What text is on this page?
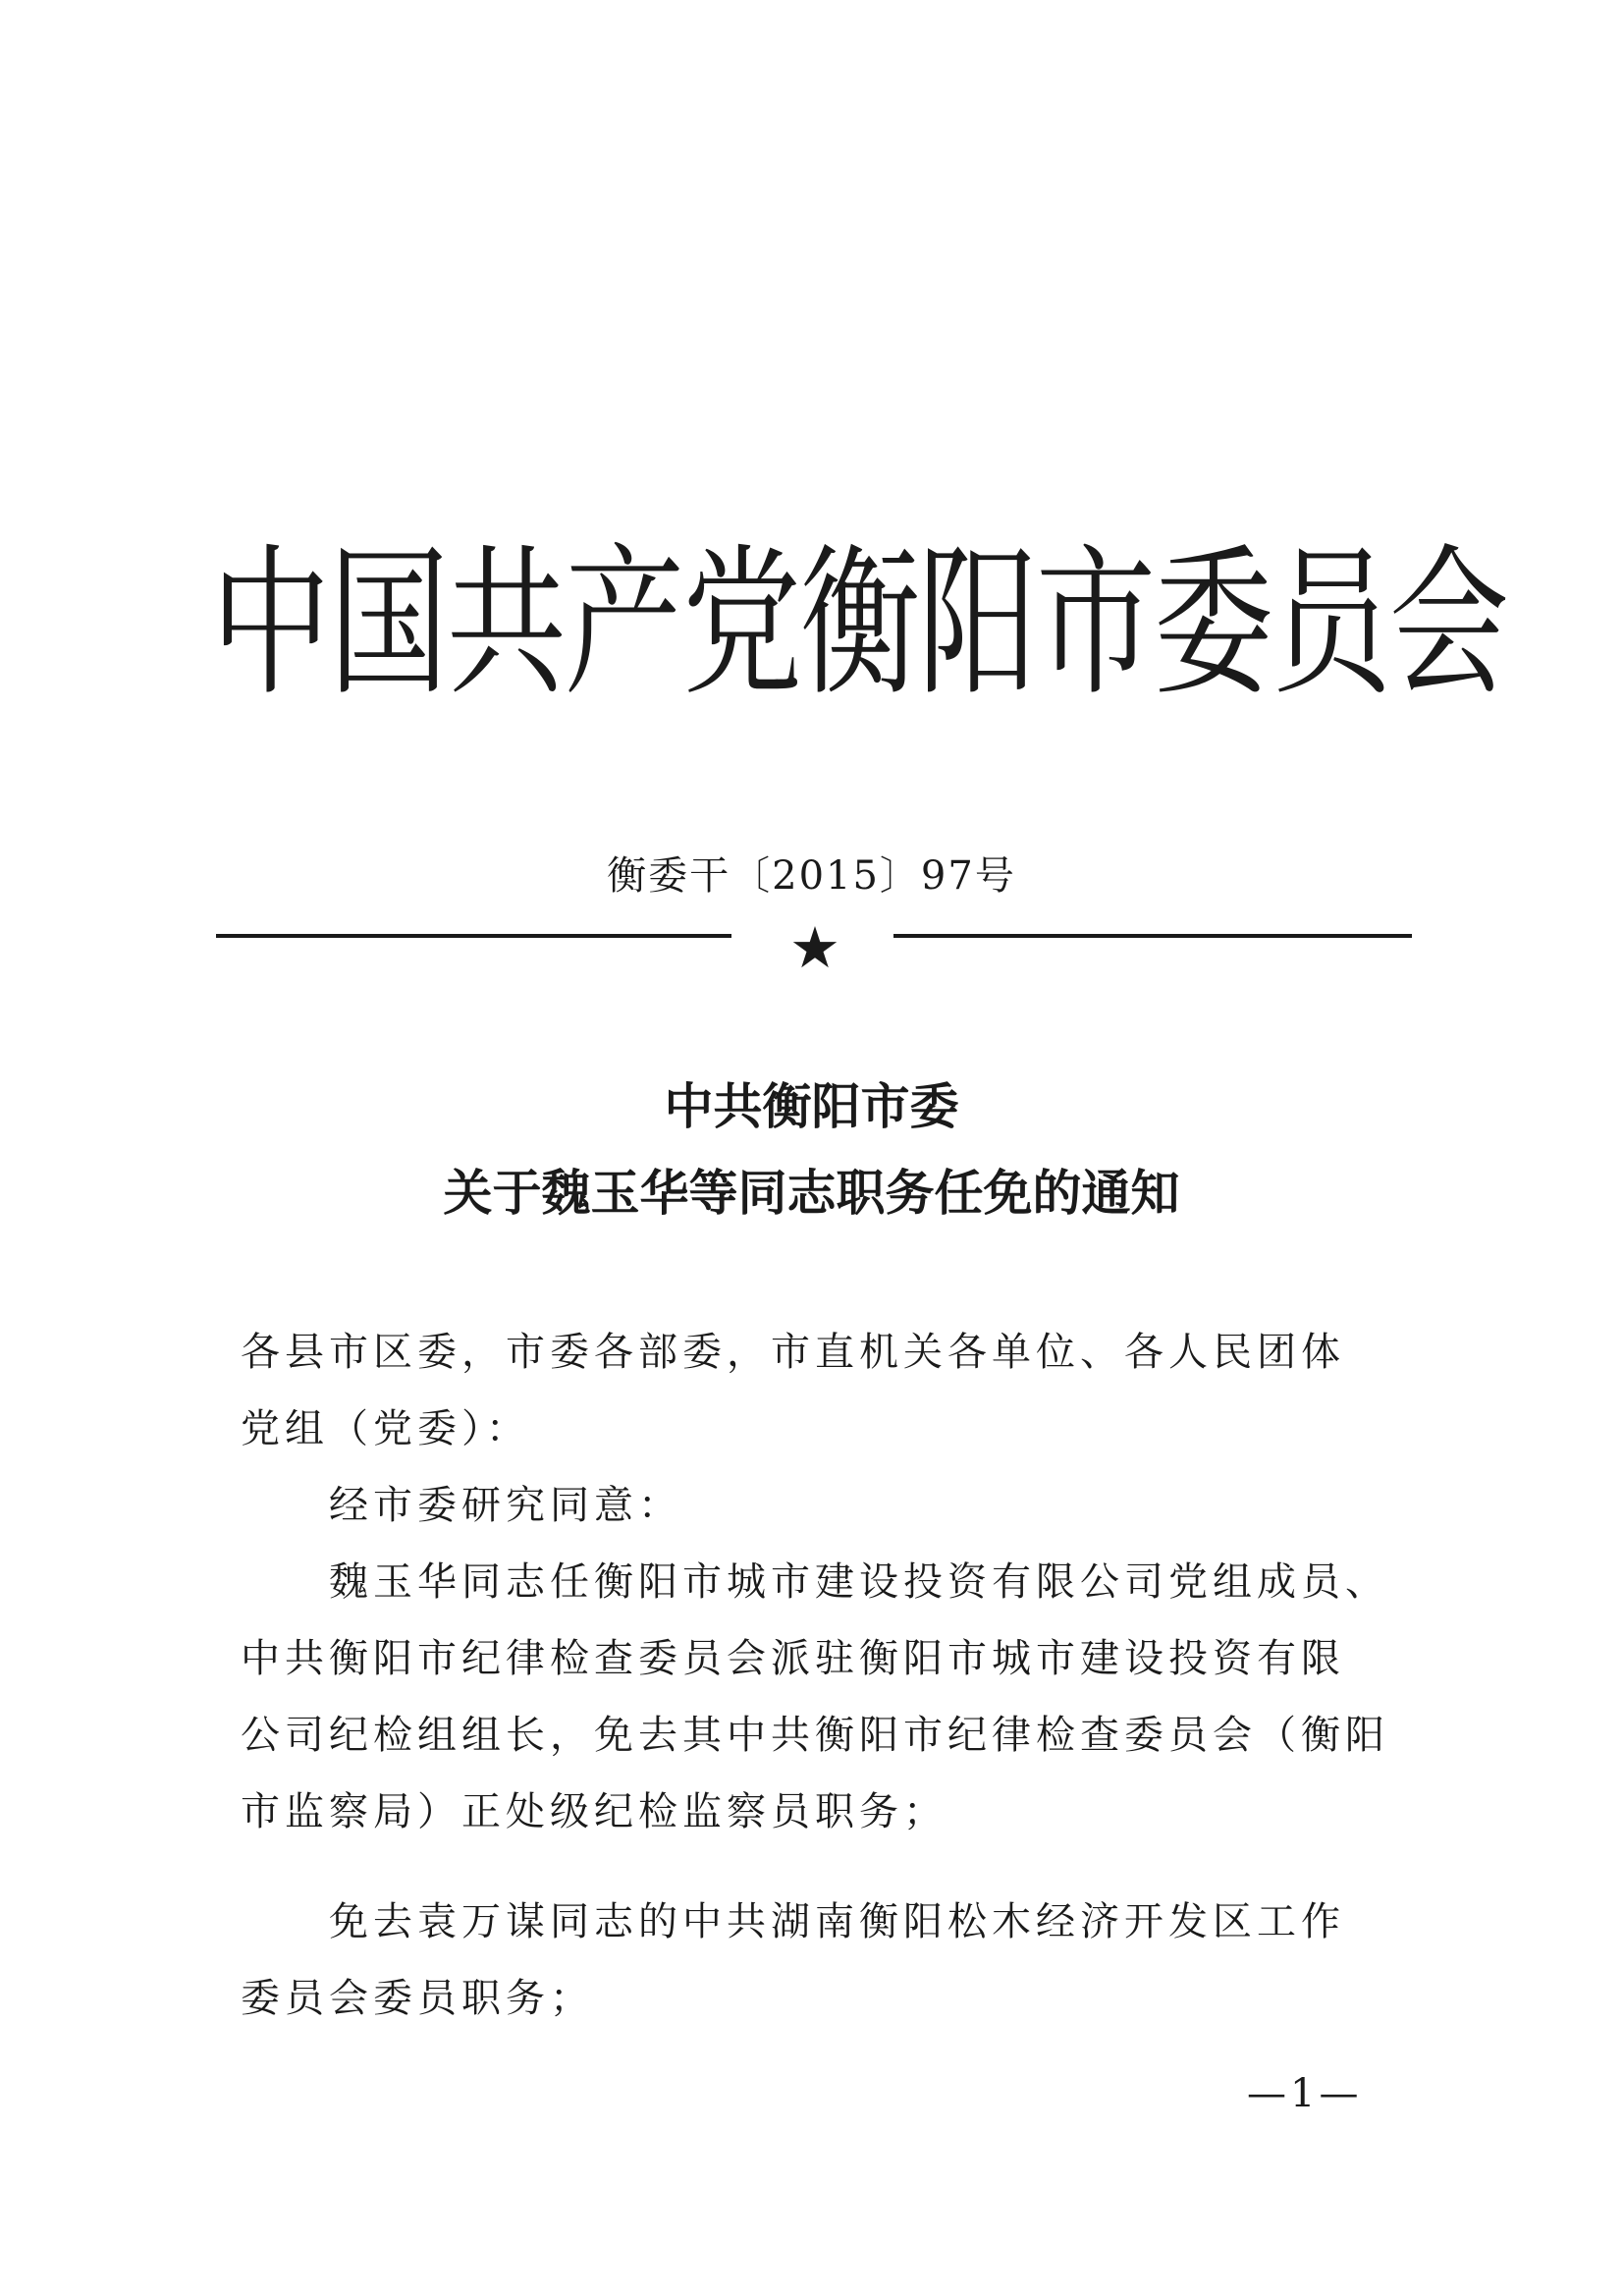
中国共产党衡阳市委员会
衡委干〔2015〕97号
★
中共衡阳市委
关于魏玉华等同志职务任免的通知
各县市区委，市委各部委，市直机关各单位、各人民团体
党组（党委）：
　　经市委研究同意：
　　魏玉华同志任衡阳市城市建设投资有限公司党组成员、
中共衡阳市纪律检查委员会派驻衡阳市城市建设投资有限
公司纪检组组长，免去其中共衡阳市纪律检查委员会（衡阳
市监察局）正处级纪检监察员职务；
　　免去袁万谋同志的中共湖南衡阳松木经济开发区工作
委员会委员职务；
—1—
